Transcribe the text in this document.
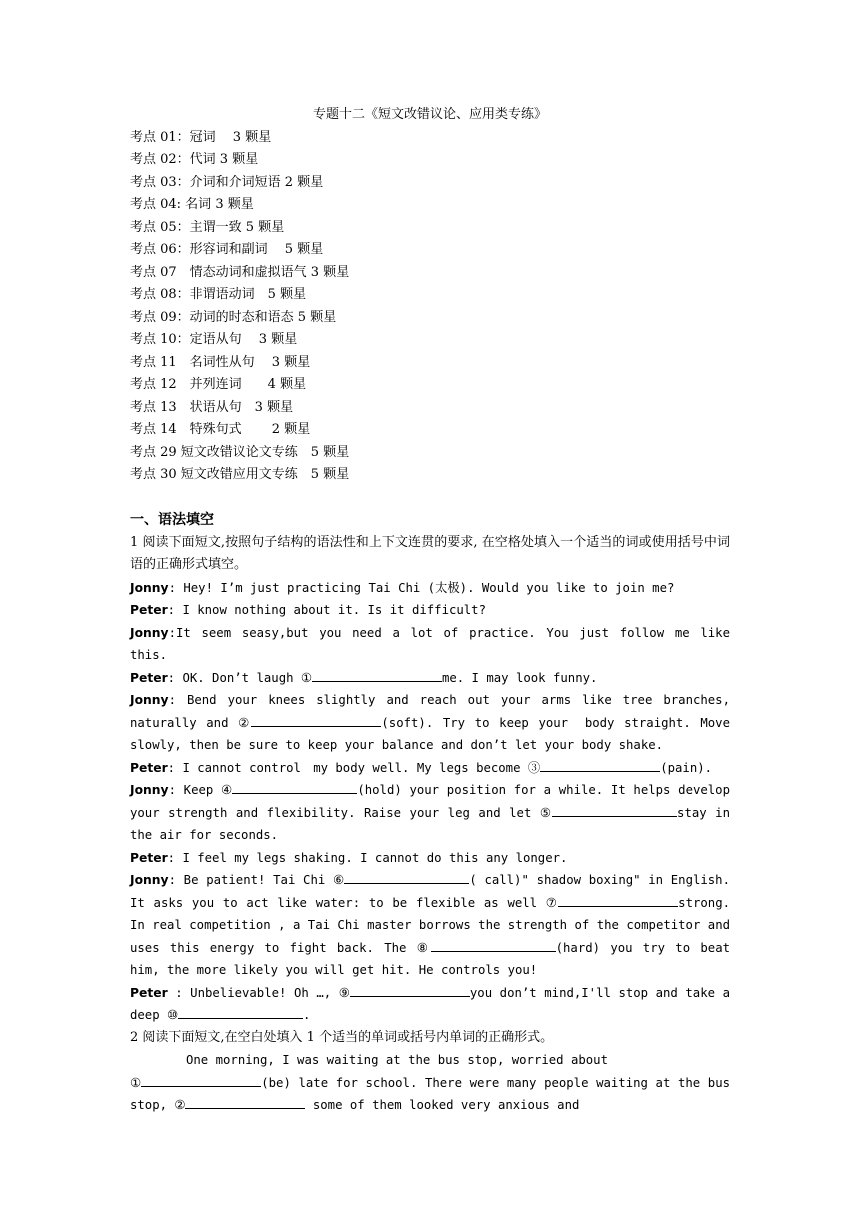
专题十二《短文改错议论、应用类专练》
考点 01：冠词　 3 颗星
考点 02：代词 3 颗星
考点 03：介词和介词短语 2 颗星
考点 04: 名词 3 颗星
考点 05：主谓一致 5 颗星
考点 06：形容词和副词　 5 颗星
考点 07　情态动词和虚拟语气 3 颗星
考点 08：非谓语动词　5 颗星
考点 09：动词的时态和语态 5 颗星
考点 10：定语从句　 3 颗星
考点 11　名词性从句　 3 颗星
考点 12　并列连词　　4 颗星
考点 13　状语从句　3 颗星
考点 14　特殊句式　　 2 颗星
考点 29 短文改错议论文专练　5 颗星
考点 30 短文改错应用文专练　5 颗星
一、语法填空
1 阅读下面短文,按照句子结构的语法性和上下文连贯的要求, 在空格处填入一个适当的词或使用括号中词语的正确形式填空。
Jonny: Hey! I’m just practicing Tai Chi (太极). Would you like to join me?
Peter: I know nothing about it. Is it difficult?
Jonny:It seem seasy,but you need a lot of practice. You just follow me like this.
Peter: OK. Don’t laugh ①	me. I may look funny.
Jonny: Bend your knees slightly and reach out your arms like tree branches, naturally and ②	(soft). Try to keep your　body straight. Move slowly, then be sure to keep your balance and don’t let your body shake.
Peter: I cannot control　my body well. My legs become ③	(pain).
Jonny: Keep ④	(hold) your position for a while. It helps develop your strength and flexibility. Raise your leg and let ⑤	stay in the air for seconds.
Peter: I feel my legs shaking. I cannot do this any longer.
Jonny: Be patient! Tai Chi ⑥	( call)" shadow boxing" in English. It asks you to act like water: to be flexible as well ⑦	strong. In real competition , a Tai Chi master borrows the strength of the competitor and uses this energy to fight back. The ⑧	(hard) you try to beat him, the more likely you will get hit. He controls you!
Peter : Unbelievable! Oh …, ⑨	you don’t mind,I'll stop and take a deep ⑩	.
2 阅读下面短文,在空白处填入 1 个适当的单词或括号内单词的正确形式。
One morning, I was waiting at the bus stop, worried about
①	(be) late for school. There were many people waiting at the bus stop, ②	some of them looked very anxious and
